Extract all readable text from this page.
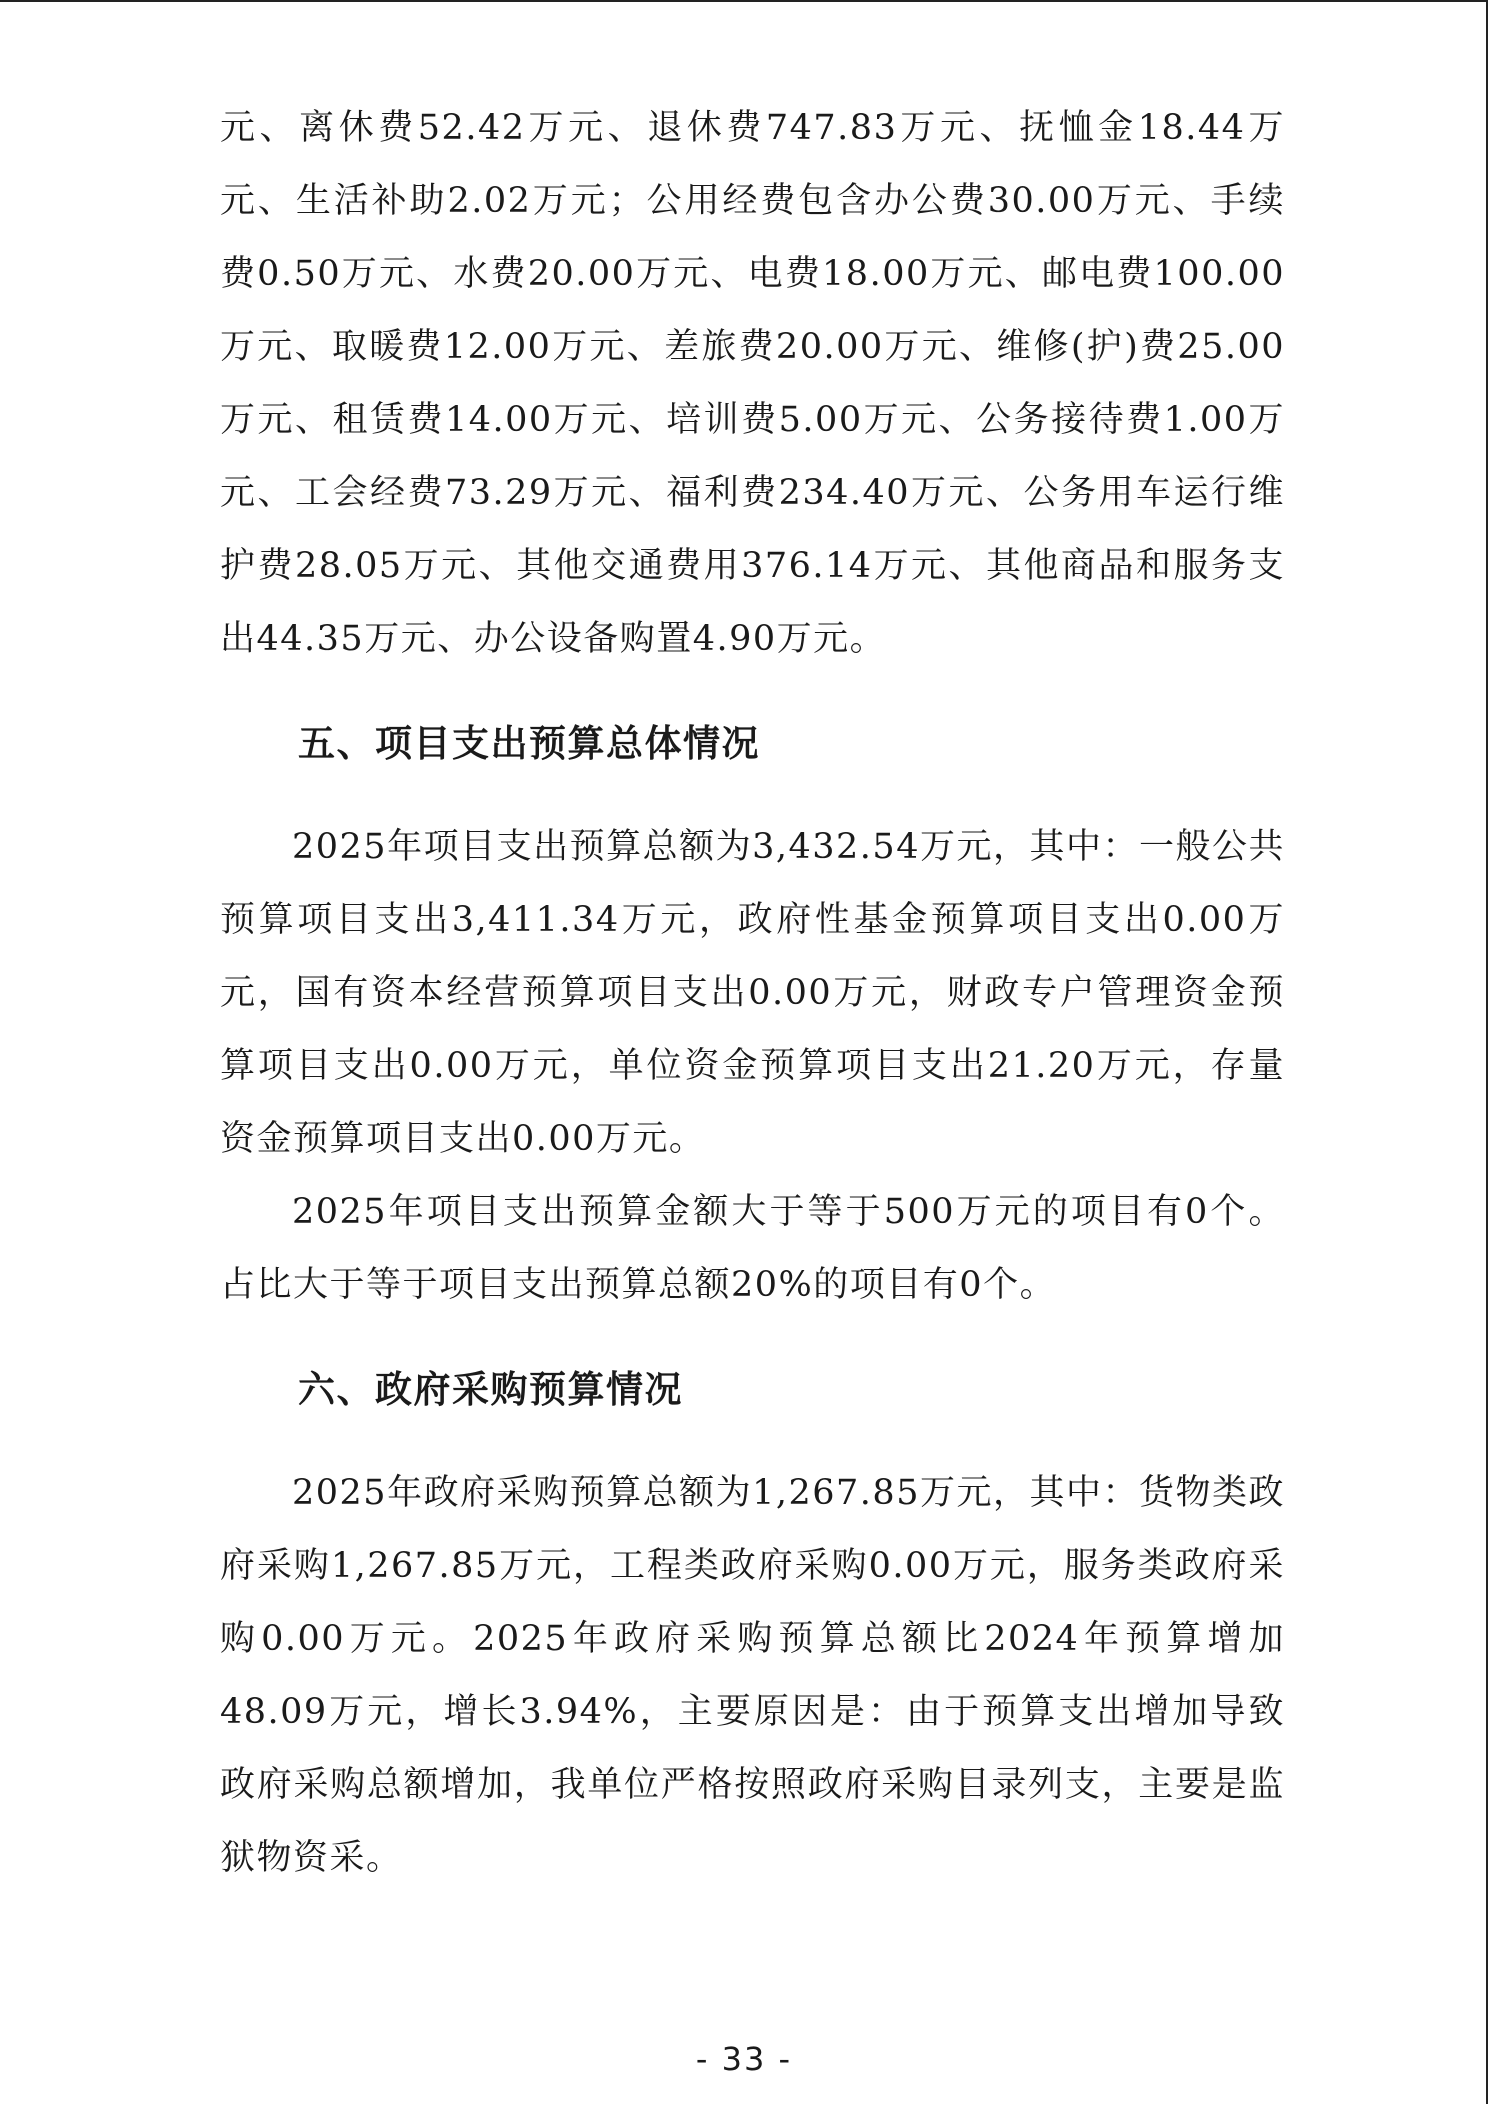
元、离休费52.42万元、退休费747.83万元、抚恤金18.44万元、生活补助2.02万元；公用经费包含办公费30.00万元、手续费0.50万元、水费20.00万元、电费18.00万元、邮电费100.00万元、取暖费12.00万元、差旅费20.00万元、维修(护)费25.00万元、租赁费14.00万元、培训费5.00万元、公务接待费1.00万元、工会经费73.29万元、福利费234.40万元、公务用车运行维护费28.05万元、其他交通费用376.14万元、其他商品和服务支出44.35万元、办公设备购置4.90万元。

五、项目支出预算总体情况

2025年项目支出预算总额为3,432.54万元，其中：一般公共预算项目支出3,411.34万元，政府性基金预算项目支出0.00万元，国有资本经营预算项目支出0.00万元，财政专户管理资金预算项目支出0.00万元，单位资金预算项目支出21.20万元，存量资金预算项目支出0.00万元。

2025年项目支出预算金额大于等于500万元的项目有0个。占比大于等于项目支出预算总额20%的项目有0个。

六、政府采购预算情况

2025年政府采购预算总额为1,267.85万元，其中：货物类政府采购1,267.85万元，工程类政府采购0.00万元，服务类政府采购0.00万元。2025年政府采购预算总额比2024年预算增加48.09万元，增长3.94%，主要原因是：由于预算支出增加导致政府采购总额增加，我单位严格按照政府采购目录列支，主要是监狱物资采。

- 33 -
